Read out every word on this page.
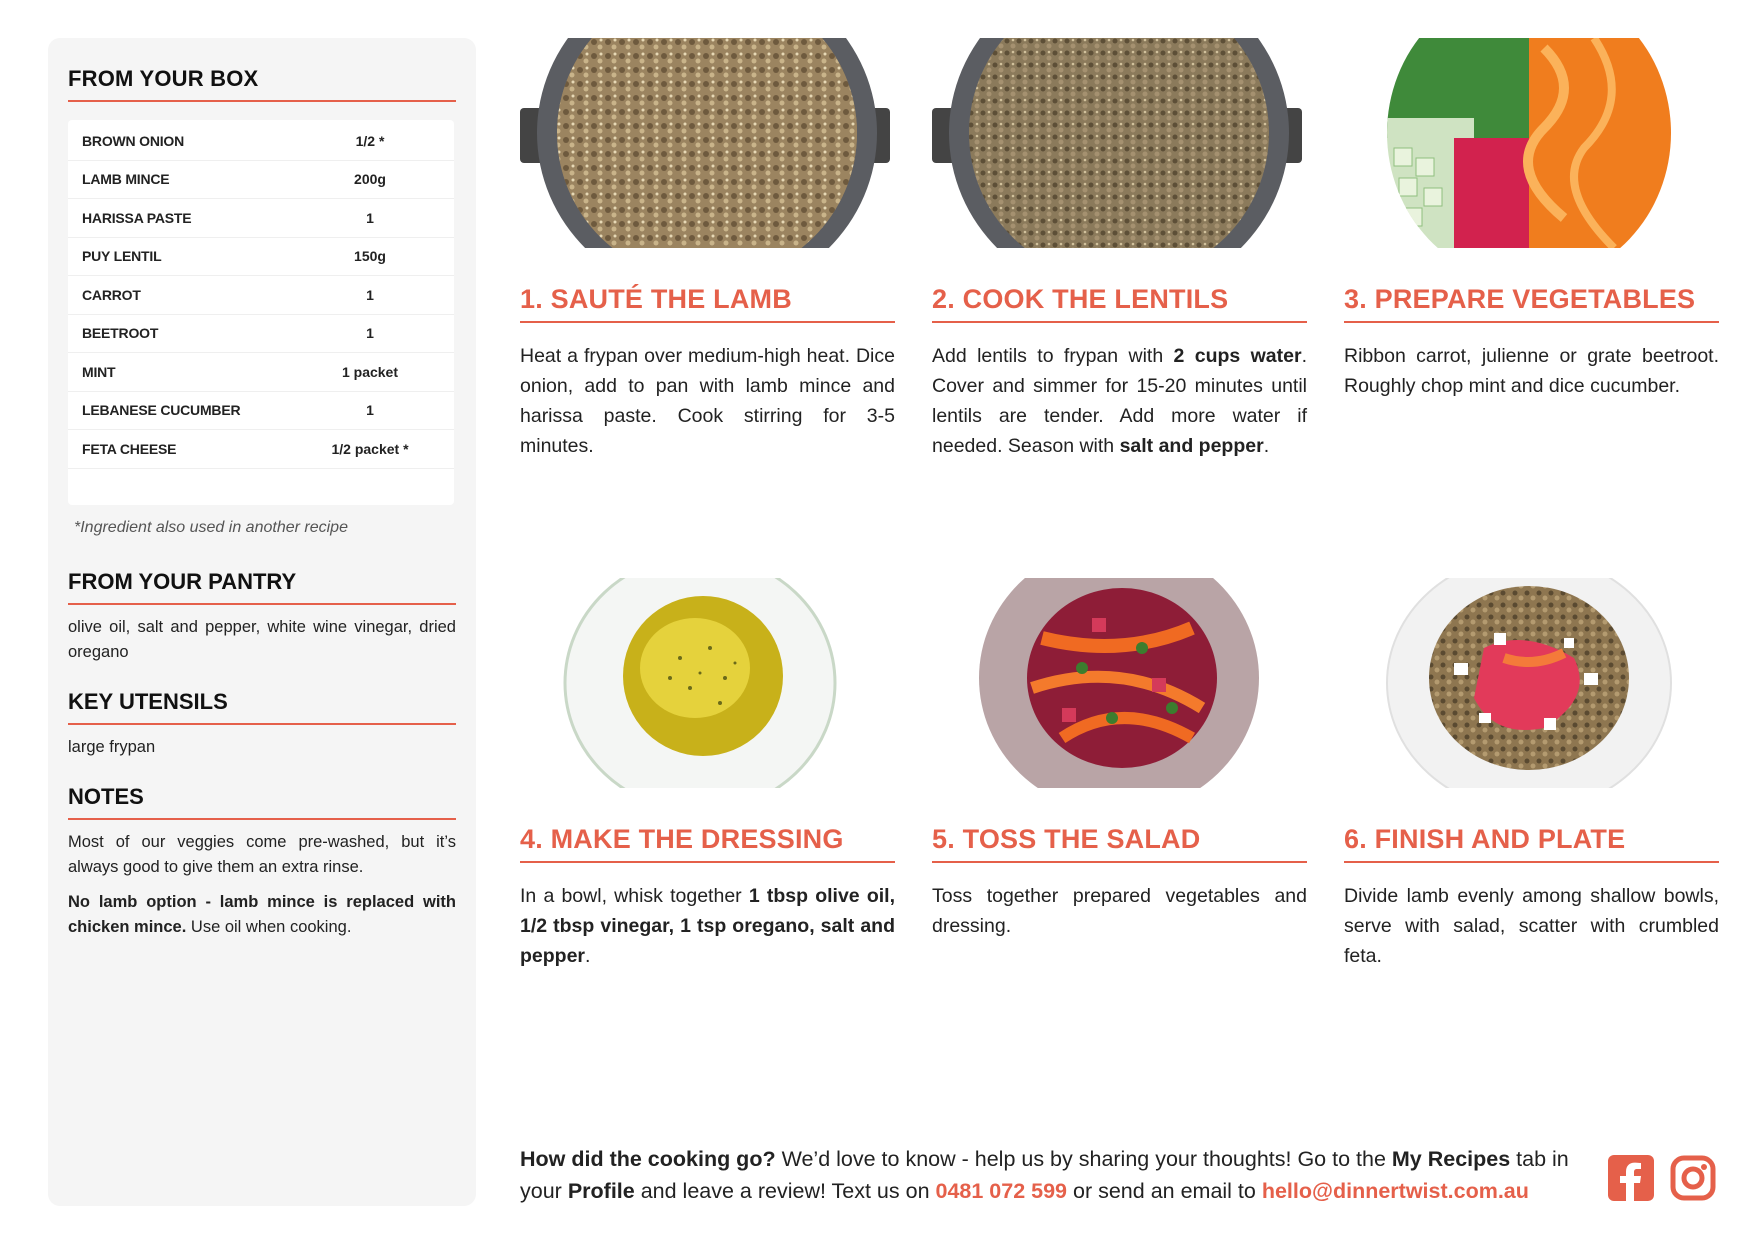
FROM YOUR BOX
BROWN ONION	1/2 *
LAMB MINCE	200g
HARISSA PASTE	1
PUY LENTIL	150g
CARROT	1
BEETROOT	1
MINT	1 packet
LEBANESE CUCUMBER	1
FETA CHEESE	1/2 packet *
*Ingredient also used in another recipe
FROM YOUR PANTRY

olive oil, salt and pepper, white wine vinegar, dried oregano

KEY UTENSILS

large frypan

NOTES

Most of our veggies come pre-washed, but it’s always good to give them an extra rinse.

No lamb option - lamb mince is replaced with chicken mince. Use oil when cooking.

1. SAUTÉ THE LAMB

Heat a frypan over medium-high heat. Dice onion, add to pan with lamb mince and harissa paste. Cook stirring for 3-5 minutes.

2. COOK THE LENTILS

Add lentils to frypan with 2 cups water. Cover and simmer for 15-20 minutes until lentils are tender. Add more water if needed. Season with salt and pepper.

3. PREPARE VEGETABLES

Ribbon carrot, julienne or grate beetroot. Roughly chop mint and dice cucumber.

4. MAKE THE DRESSING

In a bowl, whisk together 1 tbsp olive oil, 1/2 tbsp vinegar, 1 tsp oregano, salt and pepper.

5. TOSS THE SALAD

Toss together prepared vegetables and dressing.

6. FINISH AND PLATE

Divide lamb evenly among shallow bowls, serve with salad, scatter with crumbled feta.

How did the cooking go? We’d love to know - help us by sharing your thoughts! Go to the My Recipes tab in your Profile and leave a review! Text us on 0481 072 599 or send an email to hello@dinnertwist.com.au
